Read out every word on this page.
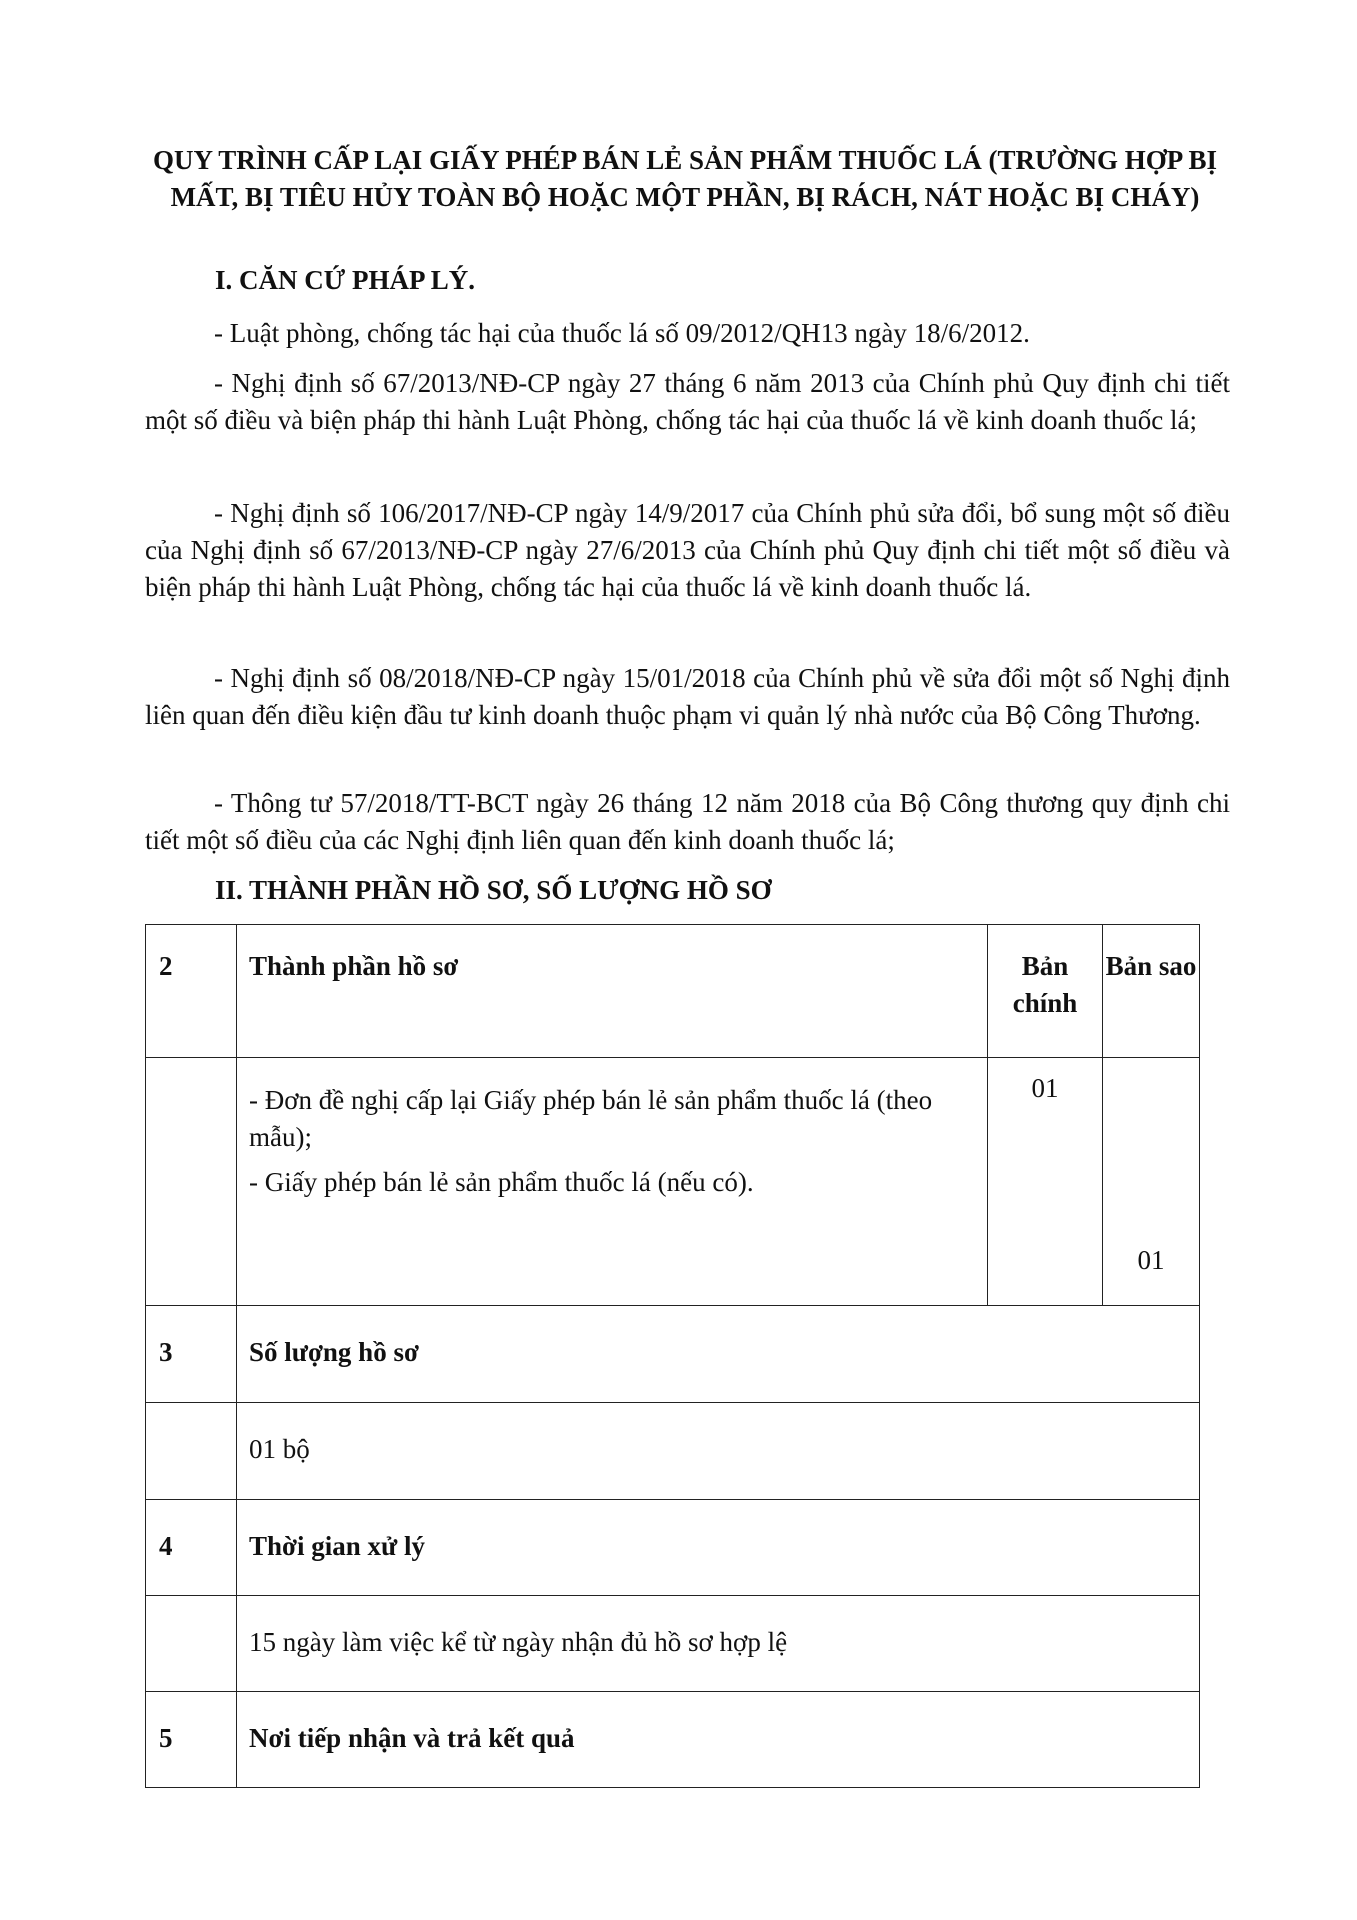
QUY TRÌNH CẤP LẠI GIẤY PHÉP BÁN LẺ SẢN PHẨM THUỐC LÁ (TRƯỜNG HỢP BỊ MẤT, BỊ TIÊU HỦY TOÀN BỘ HOẶC MỘT PHẦN, BỊ RÁCH, NÁT HOẶC BỊ CHÁY)
I. CĂN CỨ PHÁP LÝ.
- Luật phòng, chống tác hại của thuốc lá số 09/2012/QH13 ngày 18/6/2012.
- Nghị định số 67/2013/NĐ-CP ngày 27 tháng 6 năm 2013 của Chính phủ Quy định chi tiết một số điều và biện pháp thi hành Luật Phòng, chống tác hại của thuốc lá về kinh doanh thuốc lá;
- Nghị định số 106/2017/NĐ-CP ngày 14/9/2017 của Chính phủ sửa đổi, bổ sung một số điều của Nghị định số 67/2013/NĐ-CP ngày 27/6/2013 của Chính phủ Quy định chi tiết một số điều và biện pháp thi hành Luật Phòng, chống tác hại của thuốc lá về kinh doanh thuốc lá.
- Nghị định số 08/2018/NĐ-CP ngày 15/01/2018 của Chính phủ về sửa đổi một số Nghị định liên quan đến điều kiện đầu tư kinh doanh thuộc phạm vi quản lý nhà nước của Bộ Công Thương.
- Thông tư 57/2018/TT-BCT ngày 26 tháng 12 năm 2018 của Bộ Công thương quy định chi tiết một số điều của các Nghị định liên quan đến kinh doanh thuốc lá;
II. THÀNH PHẦN HỒ SƠ, SỐ LƯỢNG HỒ SƠ
2	Thành phần hồ sơ	Bản chính	Bản sao

	- Đơn đề nghị cấp lại Giấy phép bán lẻ sản phẩm thuốc lá (theo mẫu);
- Giấy phép bán lẻ sản phẩm thuốc lá (nếu có).	01	01
3	Số lượng hồ sơ		
	01 bộ		
4	Thời gian xử lý		
	15 ngày làm việc kể từ ngày nhận đủ hồ sơ hợp lệ		
5	Nơi tiếp nhận và trả kết quả		
